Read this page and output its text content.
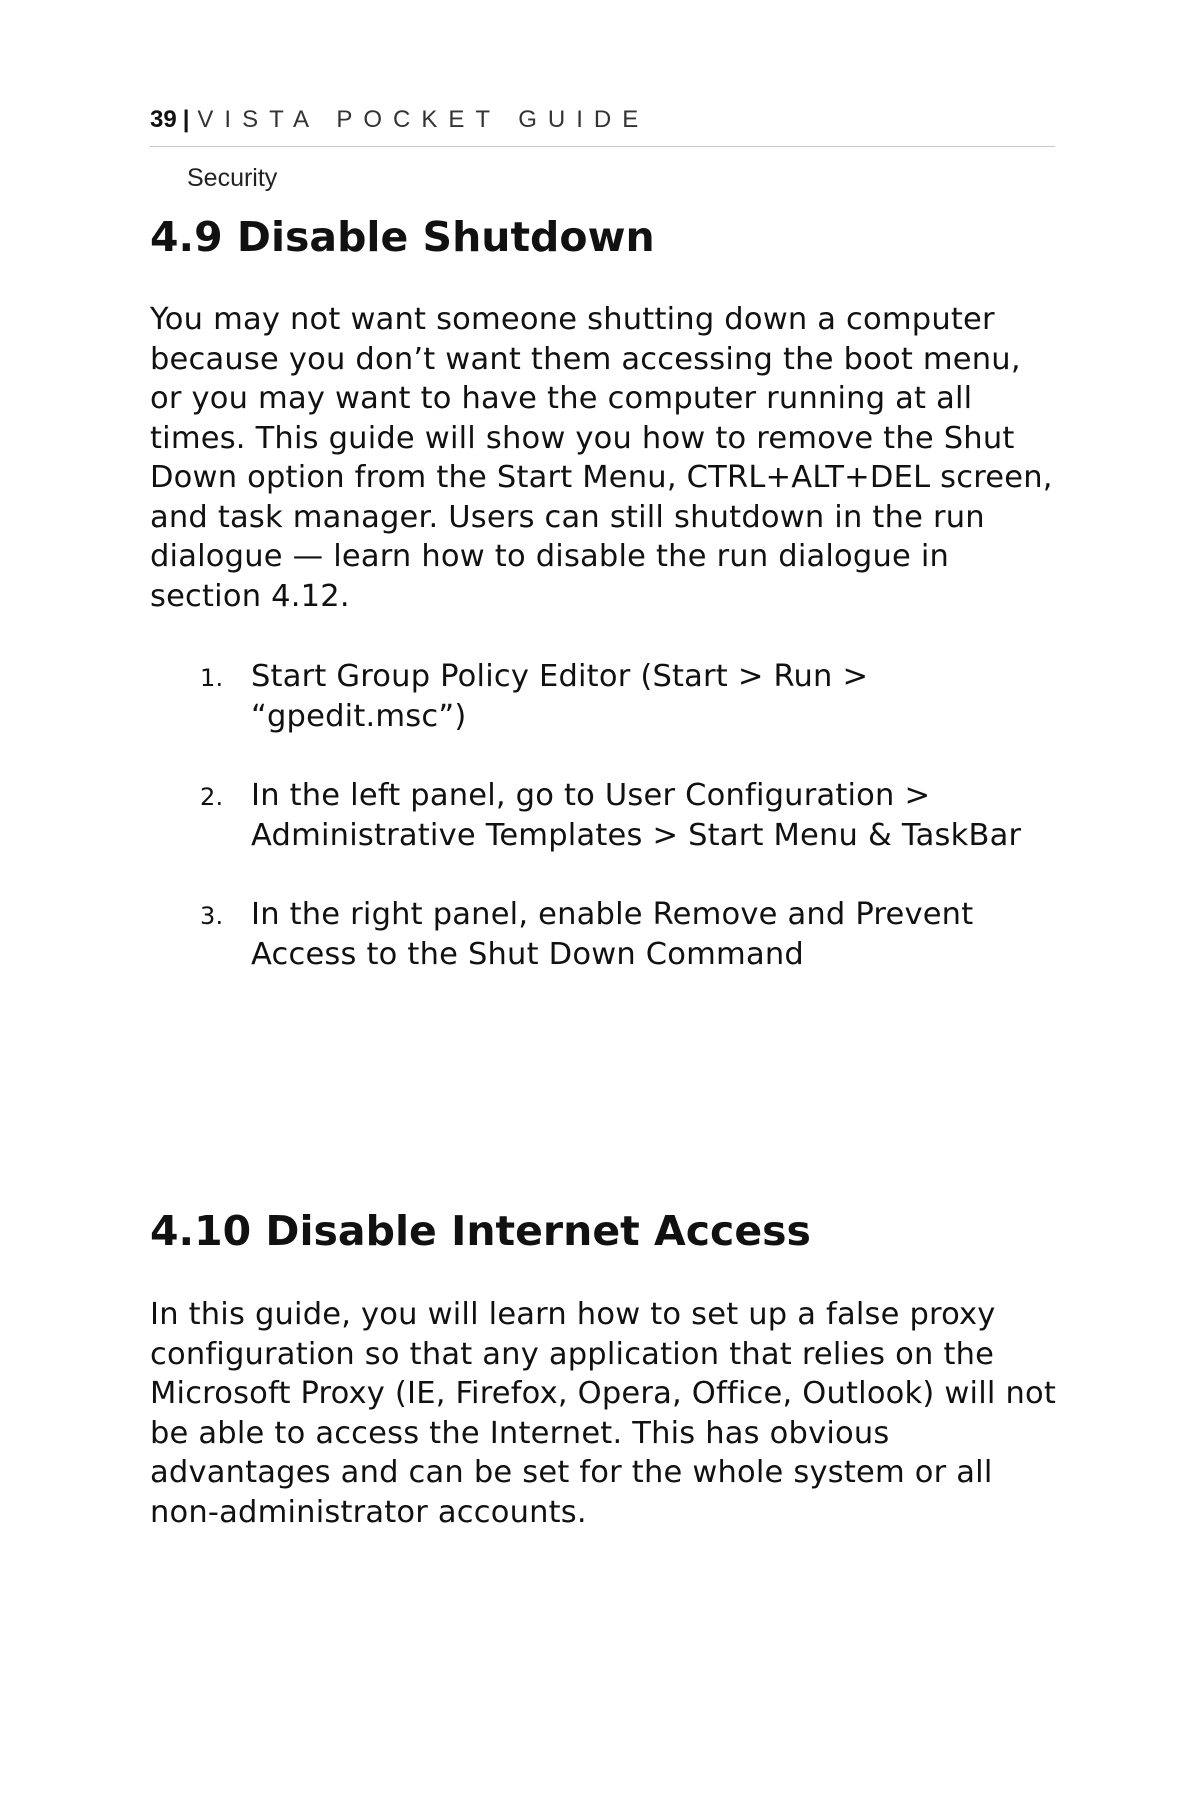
39 | VISTA POCKET GUIDE
Security
4.9 Disable Shutdown

You may not want someone shutting down a computer because you don’t want them accessing the boot menu, or you may want to have the computer running at all times. This guide will show you how to remove the Shut Down option from the Start Menu, CTRL+ALT+DEL screen, and task manager. Users can still shutdown in the run dialogue — learn how to disable the run dialogue in section 4.12.

1. Start Group Policy Editor (Start > Run > “gpedit.msc”)
2. In the left panel, go to User Configuration > Administrative Templates > Start Menu & TaskBar
3. In the right panel, enable Remove and Prevent Access to the Shut Down Command
4.10 Disable Internet Access

In this guide, you will learn how to set up a false proxy configuration so that any application that relies on the Microsoft Proxy (IE, Firefox, Opera, Office, Outlook) will not be able to access the Internet. This has obvious advantages and can be set for the whole system or all non-administrator accounts.
